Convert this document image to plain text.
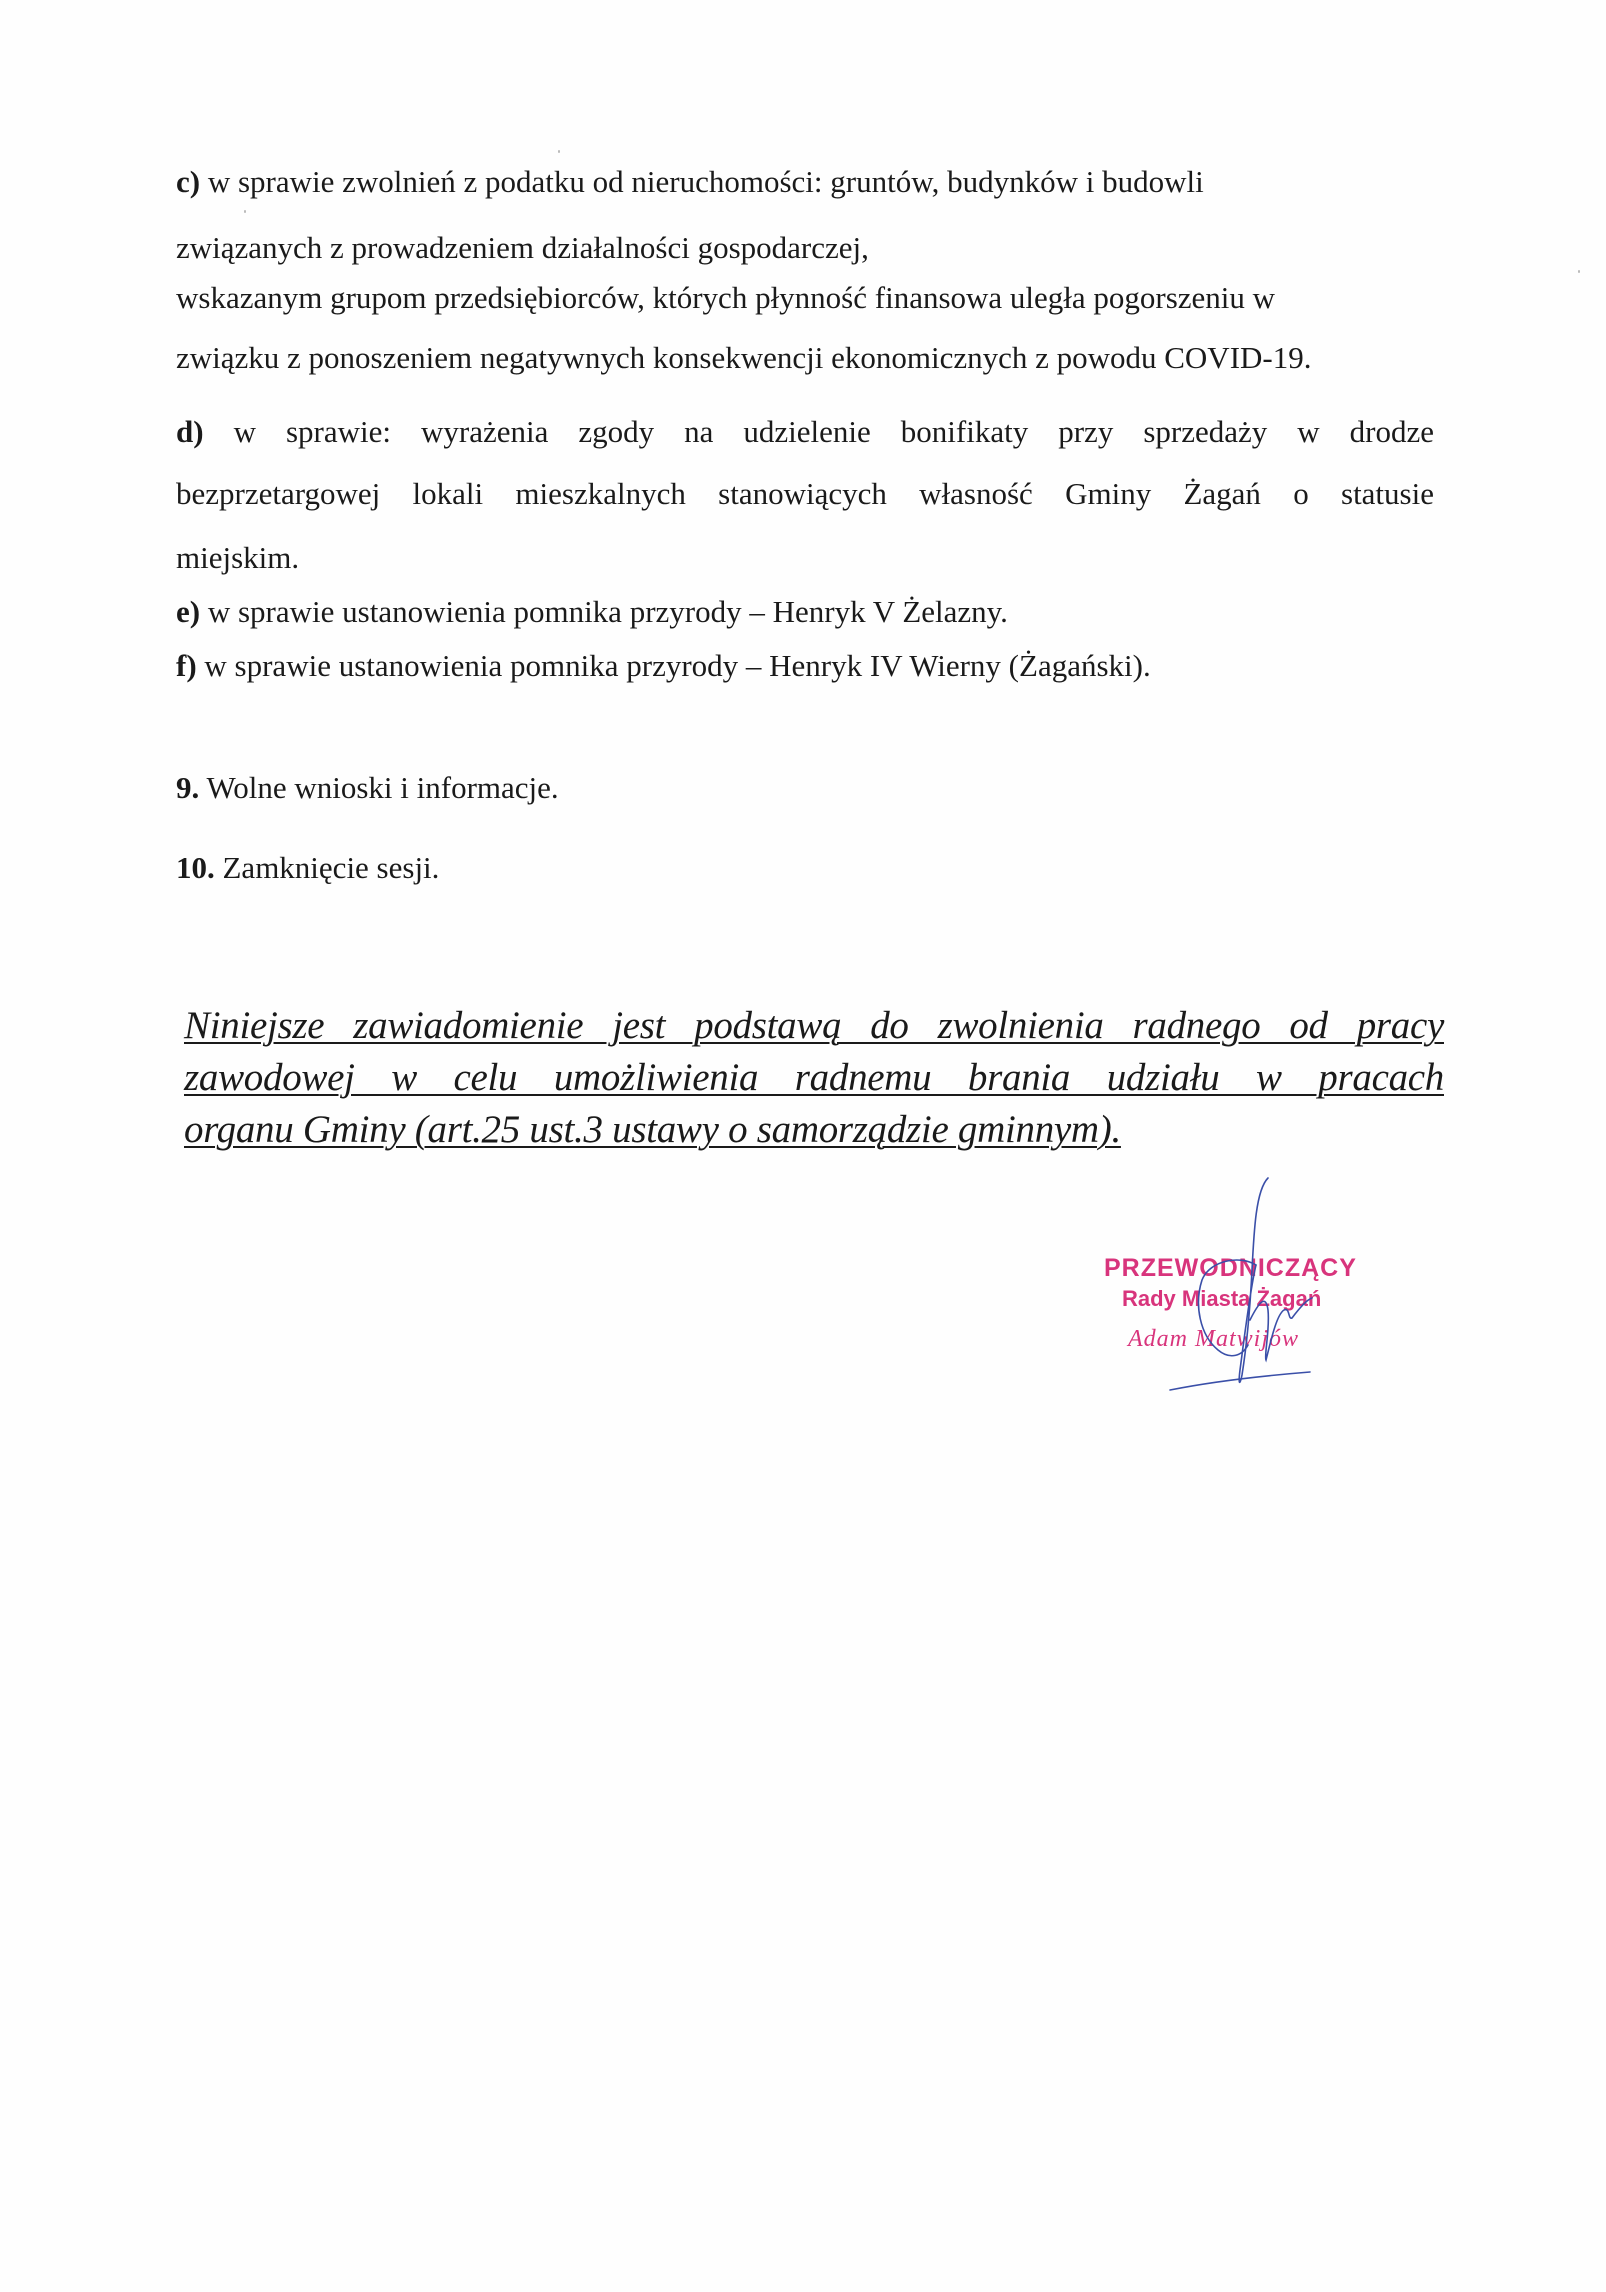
c) w sprawie zwolnień z podatku od nieruchomości: gruntów, budynków i budowli
związanych z prowadzeniem działalności gospodarczej,
wskazanym grupom przedsiębiorców, których płynność finansowa uległa pogorszeniu w
związku z ponoszeniem negatywnych konsekwencji ekonomicznych z powodu COVID-19.
d) w sprawie: wyrażenia zgody na udzielenie bonifikaty przy sprzedaży w drodze
bezprzetargowej lokali mieszkalnych stanowiących własność Gminy Żagań o statusie
miejskim.
e) w sprawie ustanowienia pomnika przyrody – Henryk V Żelazny.
f) w sprawie ustanowienia pomnika przyrody – Henryk IV Wierny (Żagański).
9. Wolne wnioski i informacje.
10. Zamknięcie sesji.
Niniejsze zawiadomienie jest podstawą do zwolnienia radnego od pracy
zawodowej w celu umożliwienia radnemu brania udziału w pracach
organu Gminy (art.25 ust.3 ustawy o samorządzie gminnym).
PRZEWODNICZĄCY
Rady Miasta Żagań
Adam Matwijów
